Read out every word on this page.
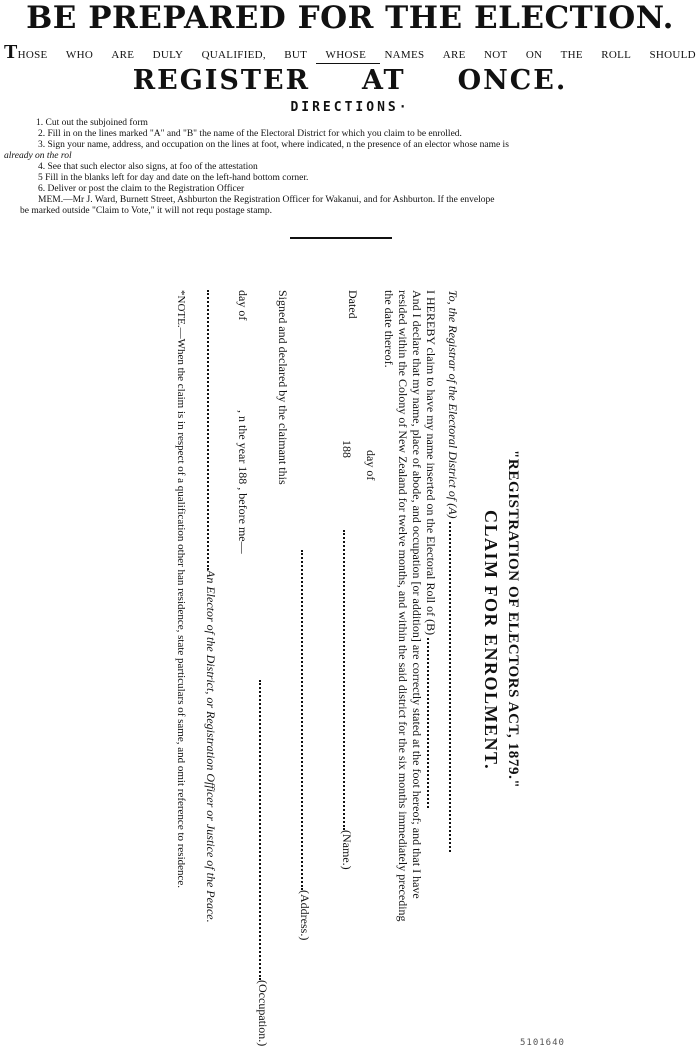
BE PREPARED FOR THE ELECTION.
THOSE WHO ARE DULY QUALIFIED, BUT WHOSE NAMES ARE NOT ON THE ROLL SHOULD
REGISTER AT ONCE.
DIRECTIONS·
1. Cut out the subjoined form
2. Fill in on the lines marked "A" and "B" the name of the Electoral District for which you claim to be enrolled.
3. Sign your name, address, and occupation on the lines at foot, where indicated, n the presence of an elector whose name is
already on the rol
4. See that such elector also signs, at foo of the attestation
5 Fill in the blanks left for day and date on the left-hand bottom corner.
6. Deliver or post the claim to the Registration Officer
MEM.—Mr J. Ward, Burnett Street, Ashburton the Registration Officer for Wakanui, and for Ashburton. If the envelope
be marked outside "Claim to Vote," it will not requ postage stamp.
"REGISTRATION OF ELECTORS ACT, 1879."
CLAIM FOR ENROLMENT.
To, the Registrar of the Electoral District of (A)
I HEREBY claim to have my name inserted on the Electoral Roll of (B)
And I declare that my name, place of abode, and occupation [or addition] are correctly stated at the foot hereof; and that I have
resided within the Colony of New Zealand for twelve months, and within the said district for the six months immediately preceding
the date thereof.
Dated
day of
188
(Name.)
(Address.)
Signed and declared by the claimant this
(Occupation.)
day of
, n the year 188 , before me—
An Elector of the District, or Registration Officer or Justice of the Peace.
*NOTE.—When the claim is in respect of a qualification other han residence, state particulars of same, and omit reference to residence.
5101640
